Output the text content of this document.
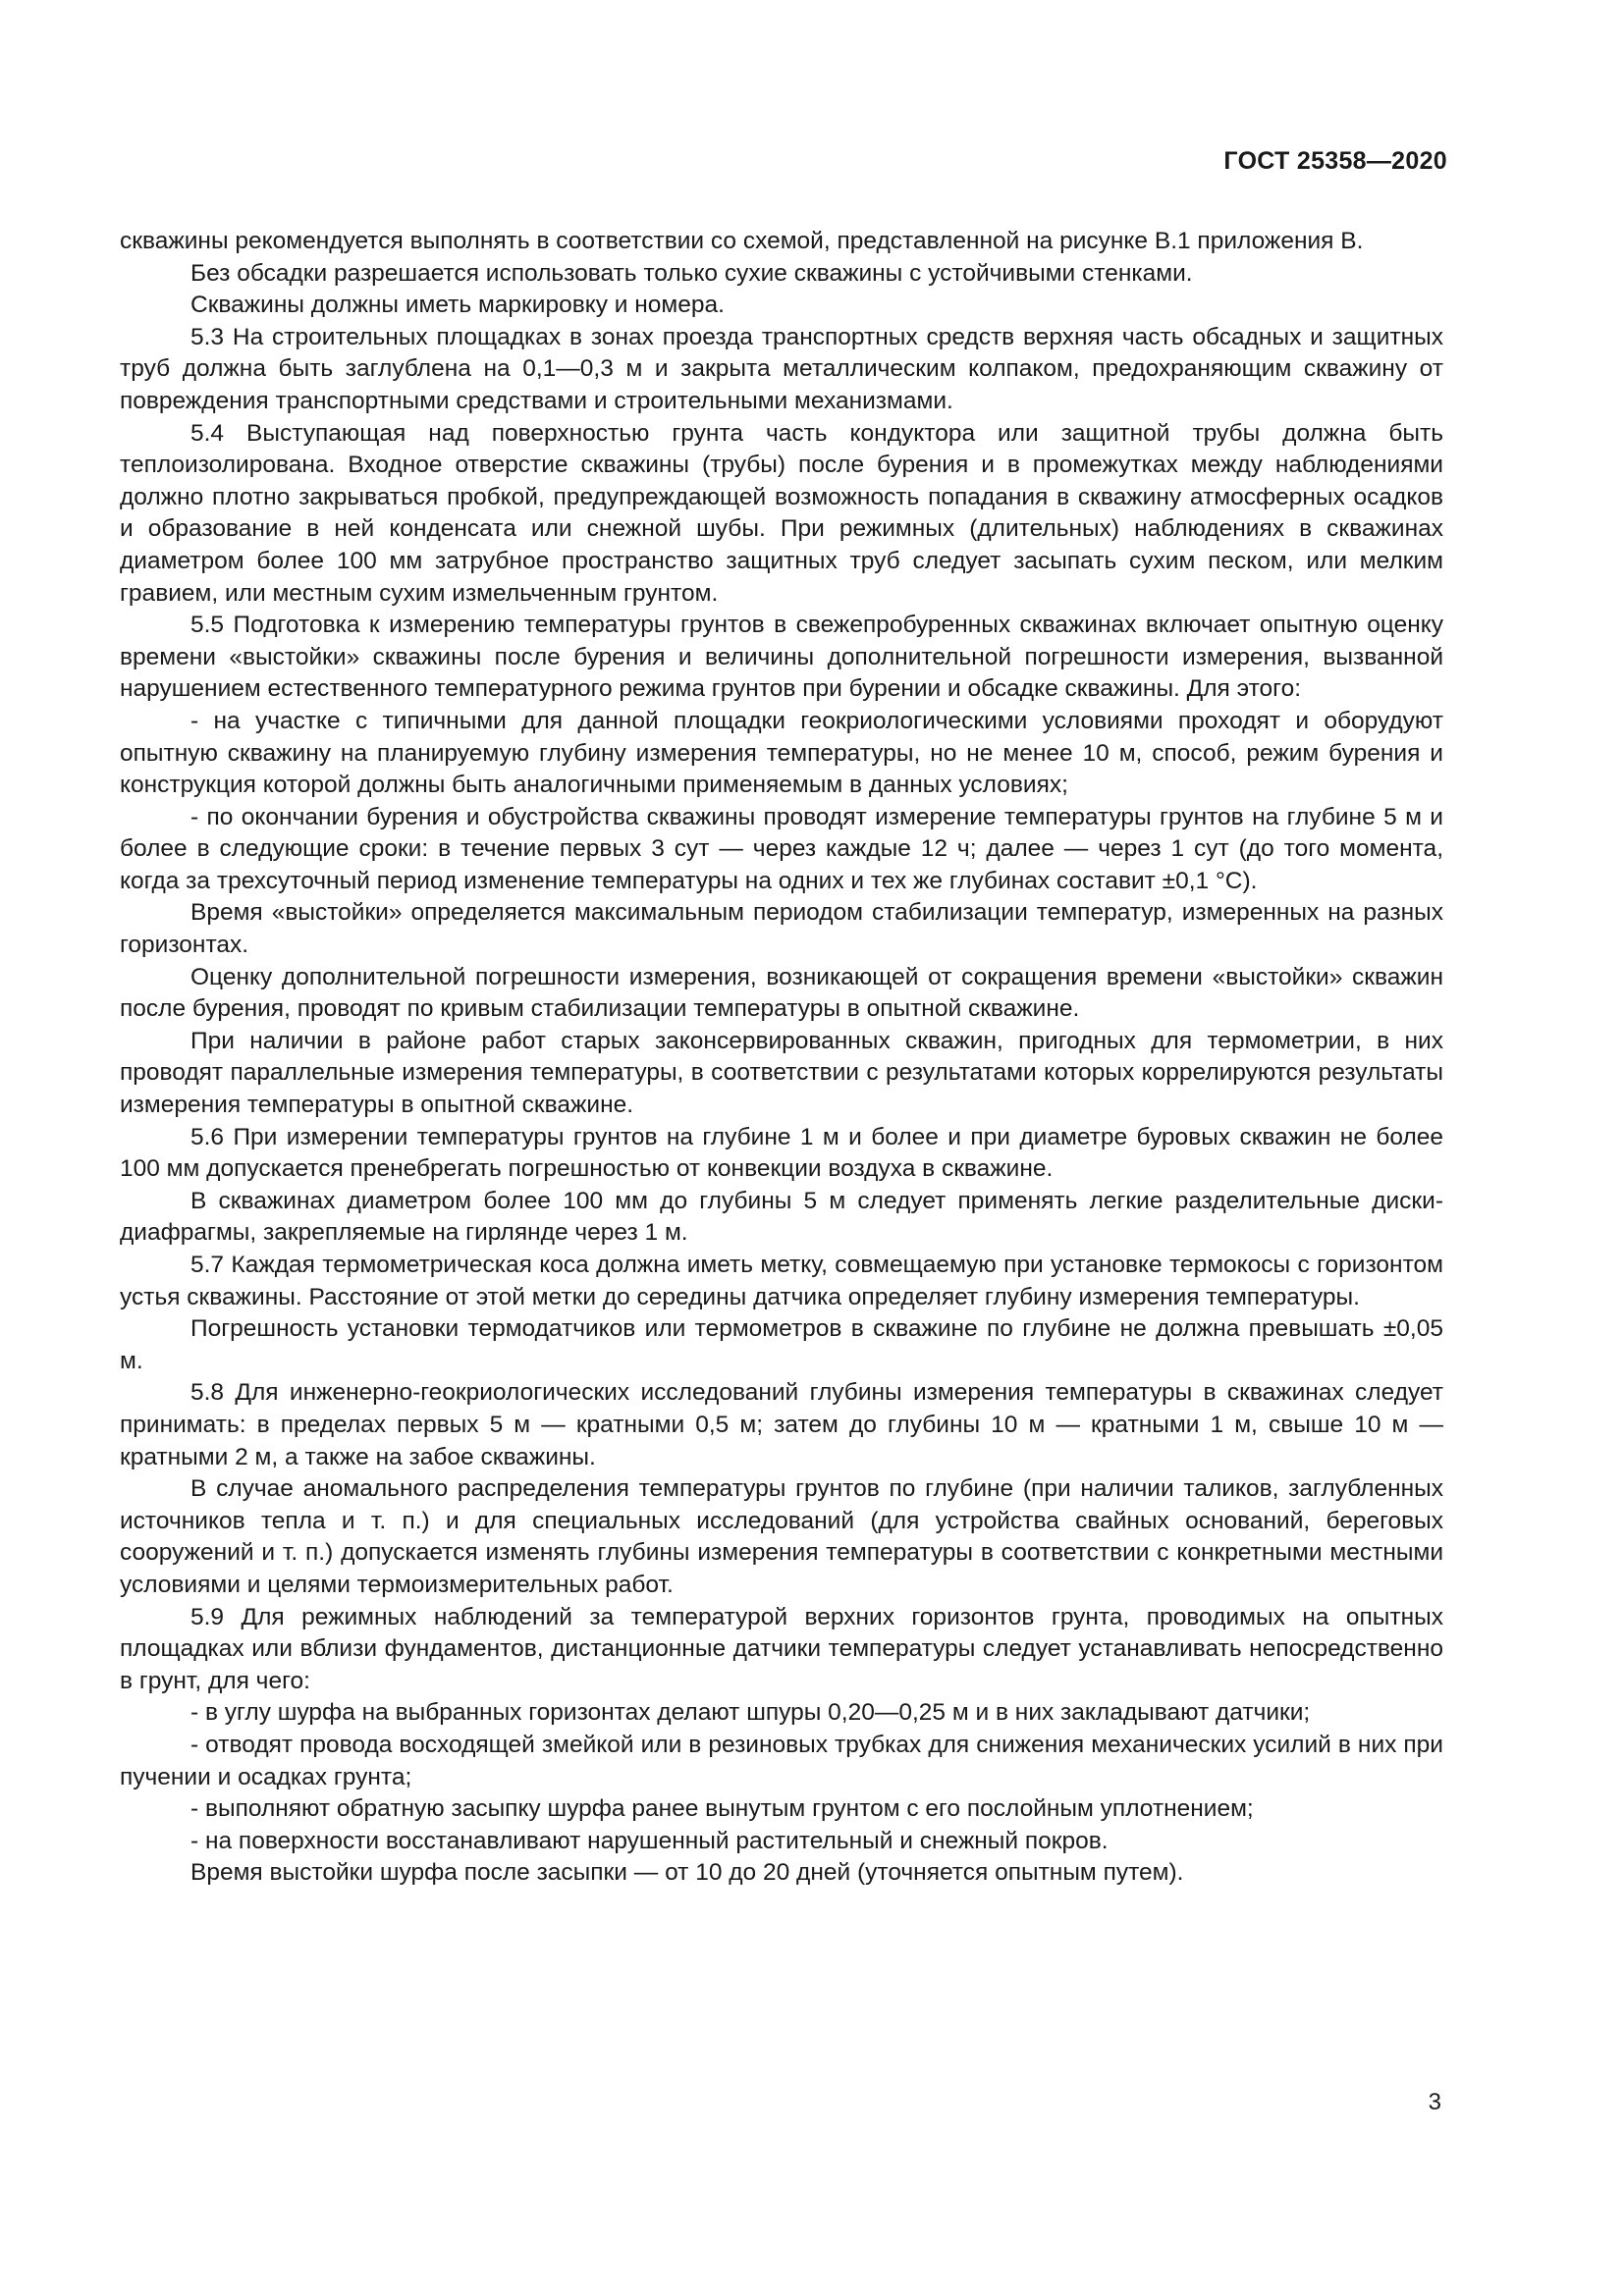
ГОСТ 25358—2020

скважины рекомендуется выполнять в соответствии со схемой, представленной на рисунке В.1 приложения В.

Без обсадки разрешается использовать только сухие скважины с устойчивыми стенками.

Скважины должны иметь маркировку и номера.

5.3 На строительных площадках в зонах проезда транспортных средств верхняя часть обсадных и защитных труб должна быть заглублена на 0,1—0,3 м и закрыта металлическим колпаком, предохраняющим скважину от повреждения транспортными средствами и строительными механизмами.

5.4 Выступающая над поверхностью грунта часть кондуктора или защитной трубы должна быть теплоизолирована. Входное отверстие скважины (трубы) после бурения и в промежутках между наблюдениями должно плотно закрываться пробкой, предупреждающей возможность попадания в скважину атмосферных осадков и образование в ней конденсата или снежной шубы. При режимных (длительных) наблюдениях в скважинах диаметром более 100 мм затрубное пространство защитных труб следует засыпать сухим песком, или мелким гравием, или местным сухим измельченным грунтом.

5.5 Подготовка к измерению температуры грунтов в свежепробуренных скважинах включает опытную оценку времени «выстойки» скважины после бурения и величины дополнительной погрешности измерения, вызванной нарушением естественного температурного режима грунтов при бурении и обсадке скважины. Для этого:

- на участке с типичными для данной площадки геокриологическими условиями проходят и оборудуют опытную скважину на планируемую глубину измерения температуры, но не менее 10 м, способ, режим бурения и конструкция которой должны быть аналогичными применяемым в данных условиях;

- по окончании бурения и обустройства скважины проводят измерение температуры грунтов на глубине 5 м и более в следующие сроки: в течение первых 3 сут — через каждые 12 ч; далее — через 1 сут (до того момента, когда за трехсуточный период изменение температуры на одних и тех же глубинах составит ±0,1 °С).

Время «выстойки» определяется максимальным периодом стабилизации температур, измеренных на разных горизонтах.

Оценку дополнительной погрешности измерения, возникающей от сокращения времени «выстойки» скважин после бурения, проводят по кривым стабилизации температуры в опытной скважине.

При наличии в районе работ старых законсервированных скважин, пригодных для термометрии, в них проводят параллельные измерения температуры, в соответствии с результатами которых коррелируются результаты измерения температуры в опытной скважине.

5.6 При измерении температуры грунтов на глубине 1 м и более и при диаметре буровых скважин не более 100 мм допускается пренебрегать погрешностью от конвекции воздуха в скважине.

В скважинах диаметром более 100 мм до глубины 5 м следует применять легкие разделительные диски-диафрагмы, закрепляемые на гирлянде через 1 м.

5.7 Каждая термометрическая коса должна иметь метку, совмещаемую при установке термокосы с горизонтом устья скважины. Расстояние от этой метки до середины датчика определяет глубину измерения температуры.

Погрешность установки термодатчиков или термометров в скважине по глубине не должна превышать ±0,05 м.

5.8 Для инженерно-геокриологических исследований глубины измерения температуры в скважинах следует принимать: в пределах первых 5 м — кратными 0,5 м; затем до глубины 10 м — кратными 1 м, свыше 10 м — кратными 2 м, а также на забое скважины.

В случае аномального распределения температуры грунтов по глубине (при наличии таликов, заглубленных источников тепла и т. п.) и для специальных исследований (для устройства свайных оснований, береговых сооружений и т. п.) допускается изменять глубины измерения температуры в соответствии с конкретными местными условиями и целями термоизмерительных работ.

5.9 Для режимных наблюдений за температурой верхних горизонтов грунта, проводимых на опытных площадках или вблизи фундаментов, дистанционные датчики температуры следует устанавливать непосредственно в грунт, для чего:

- в углу шурфа на выбранных горизонтах делают шпуры 0,20—0,25 м и в них закладывают датчики;

- отводят провода восходящей змейкой или в резиновых трубках для снижения механических усилий в них при пучении и осадках грунта;

- выполняют обратную засыпку шурфа ранее вынутым грунтом с его послойным уплотнением;

- на поверхности восстанавливают нарушенный растительный и снежный покров.

Время выстойки шурфа после засыпки — от 10 до 20 дней (уточняется опытным путем).

3
